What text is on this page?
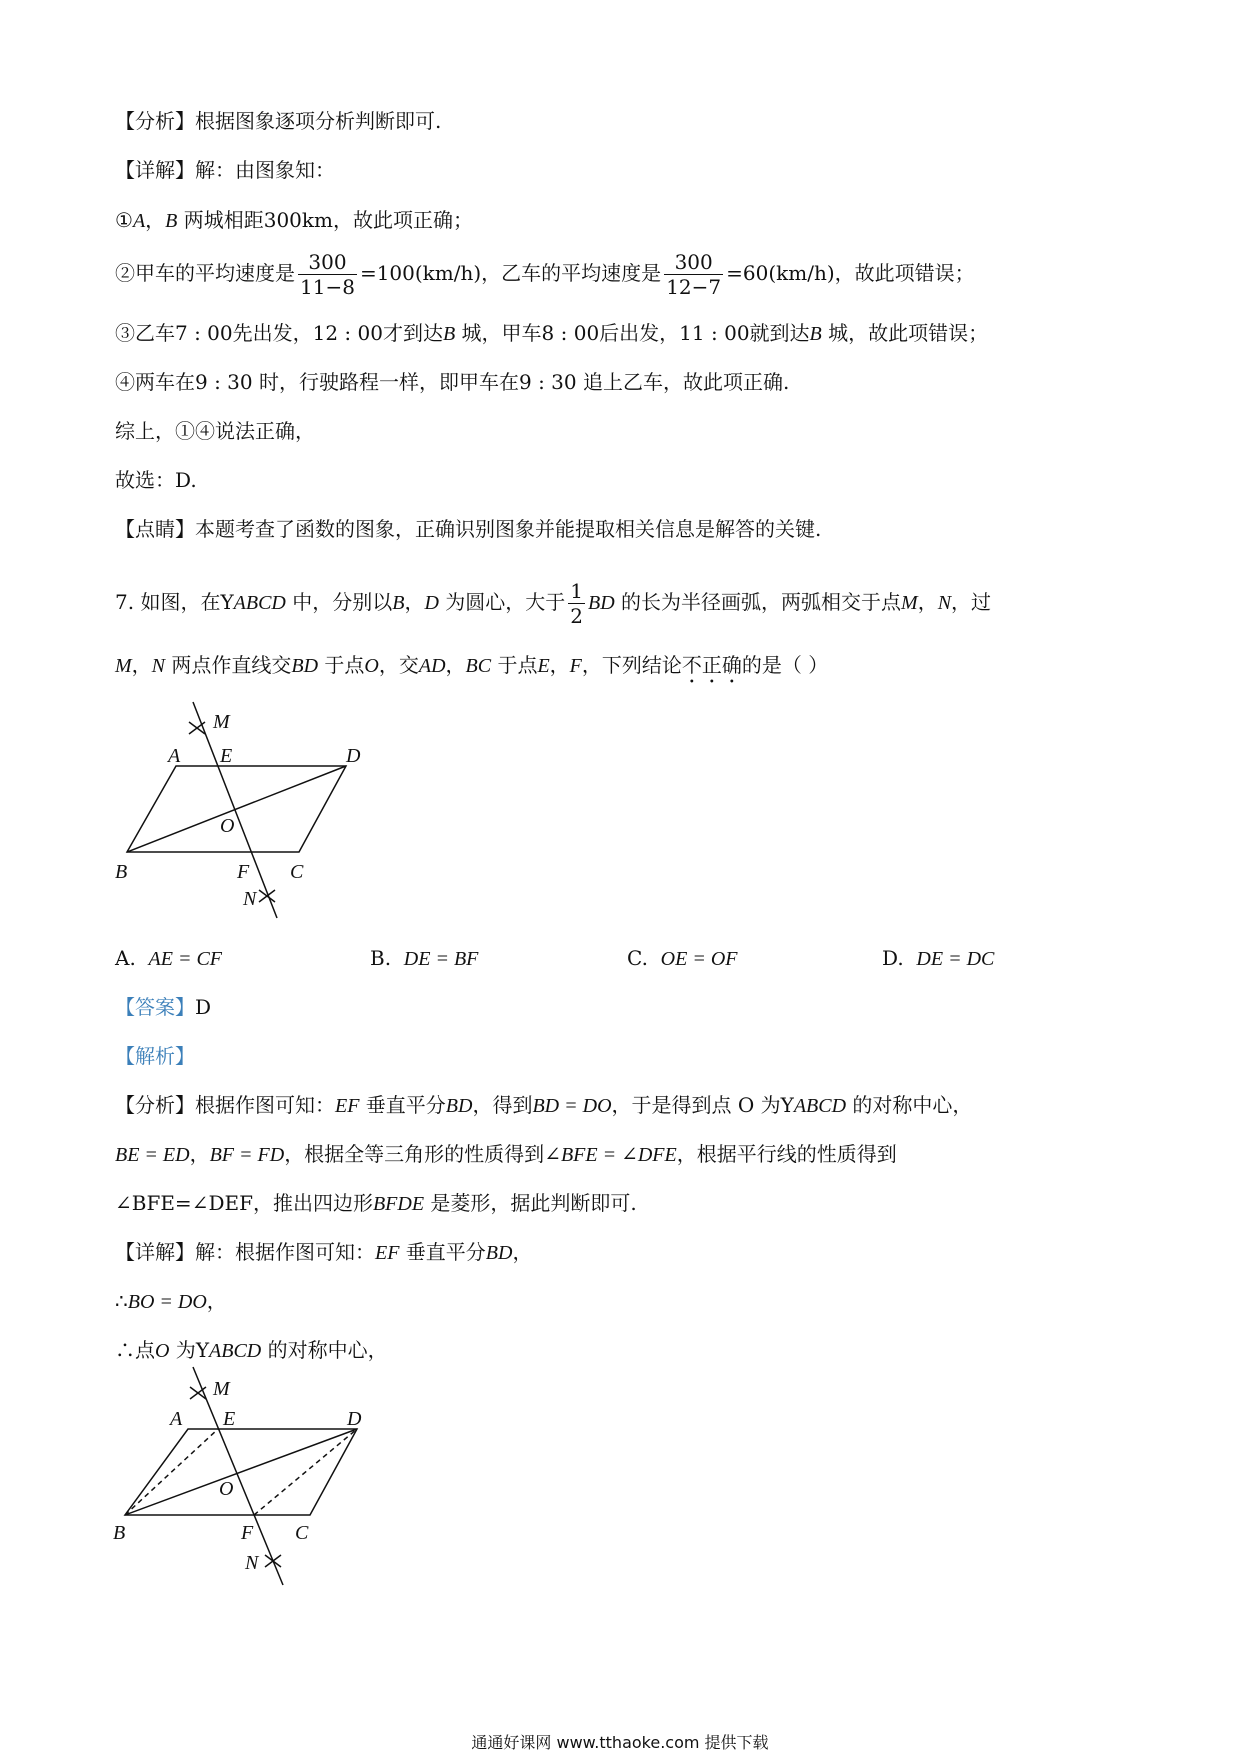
【分析】根据图象逐项分析判断即可.
【详解】解：由图象知：
①A，B 两城相距300km，故此项正确；
②甲车的平均速度是 $\frac{300}{11-8} =100(km/h)$，乙车的平均速度是 $\frac{300}{12-7} =60(km/h)$，故此项错误；
③乙车7 : 00先出发，12 : 00才到达B 城，甲车8 : 00后出发，11 : 00就到达B 城，故此项错误；
④两车在9 : 30 时，行驶路程一样，即甲车在9 : 30 追上乙车，故此项正确.
综上，①④说法正确，
故选：D.
【点睛】本题考查了函数的图象，正确识别图象并能提取相关信息是解答的关键.
7. 如图，在YABCD 中，分别以B，D 为圆心，大于 $\frac{1}{2}$ BD 的长为半径画弧，两弧相交于点M，N，过
M，N 两点作直线交BD 于点O，交AD，BC 于点E，F，下列结论不正确的是（ ）
M
A E	D
O
B	F C
N
A. AE = CF	B. DE = BF	C. OE = OF	D. DE = DC
【答案】D
【解析】
【分析】根据作图可知：EF 垂直平分BD，得到BD = DO，于是得到点 O 为YABCD 的对称中心，
BE = ED，BF = FD，根据全等三角形的性质得到∠BFE = ∠DFE，根据平行线的性质得到
∠BFE=∠DEF，推出四边形BFDE 是菱形，据此判断即可.
【详解】解：根据作图可知：EF 垂直平分BD，
∴BO = DO，
∴点O 为YABCD 的对称中心，
M
A E	D
O
B	F C
N
通通好课网 www.tthaoke.com 提供下载
